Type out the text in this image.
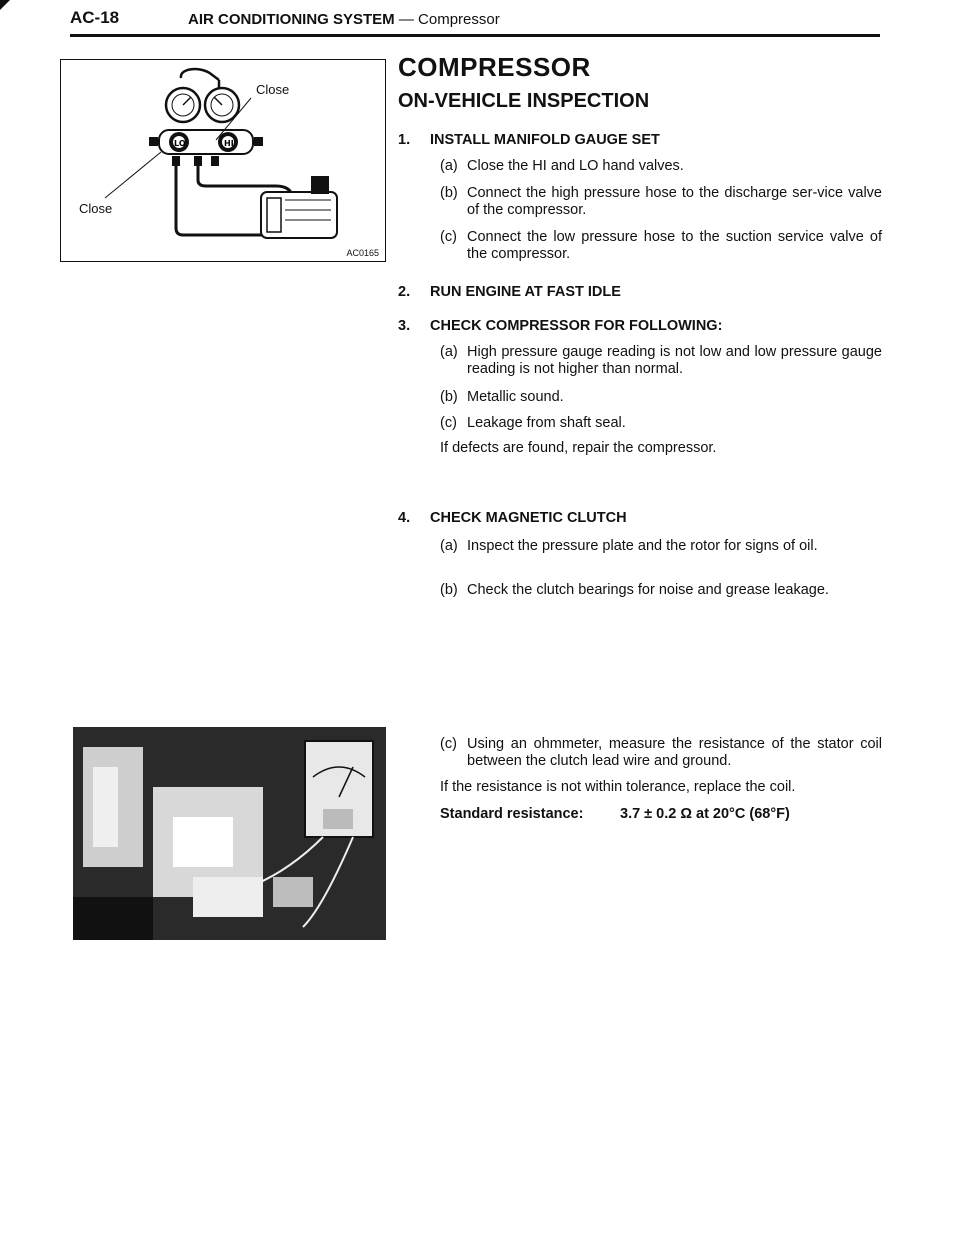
AC-18	AIR CONDITIONING SYSTEM — Compressor
LO	HI
Close
Close
AC0165
COMPRESSOR
ON-VEHICLE INSPECTION
1. INSTALL MANIFOLD GAUGE SET
(a) Close the HI and LO hand valves.
(b) Connect the high pressure hose to the discharge ser-vice valve of the compressor.
(c) Connect the low pressure hose to the suction service valve of the compressor.
2. RUN ENGINE AT FAST IDLE
3. CHECK COMPRESSOR FOR FOLLOWING:
(a) High pressure gauge reading is not low and low pressure gauge reading is not higher than normal.
(b) Metallic sound.
(c) Leakage from shaft seal.
If defects are found, repair the compressor.
4. CHECK MAGNETIC CLUTCH
(a) Inspect the pressure plate and the rotor for signs of oil.
(b) Check the clutch bearings for noise and grease leakage.
(c) Using an ohmmeter, measure the resistance of the stator coil between the clutch lead wire and ground.
If the resistance is not within tolerance, replace the coil.
Standard resistance:	3.7 ± 0.2 Ω at 20°C (68°F)
